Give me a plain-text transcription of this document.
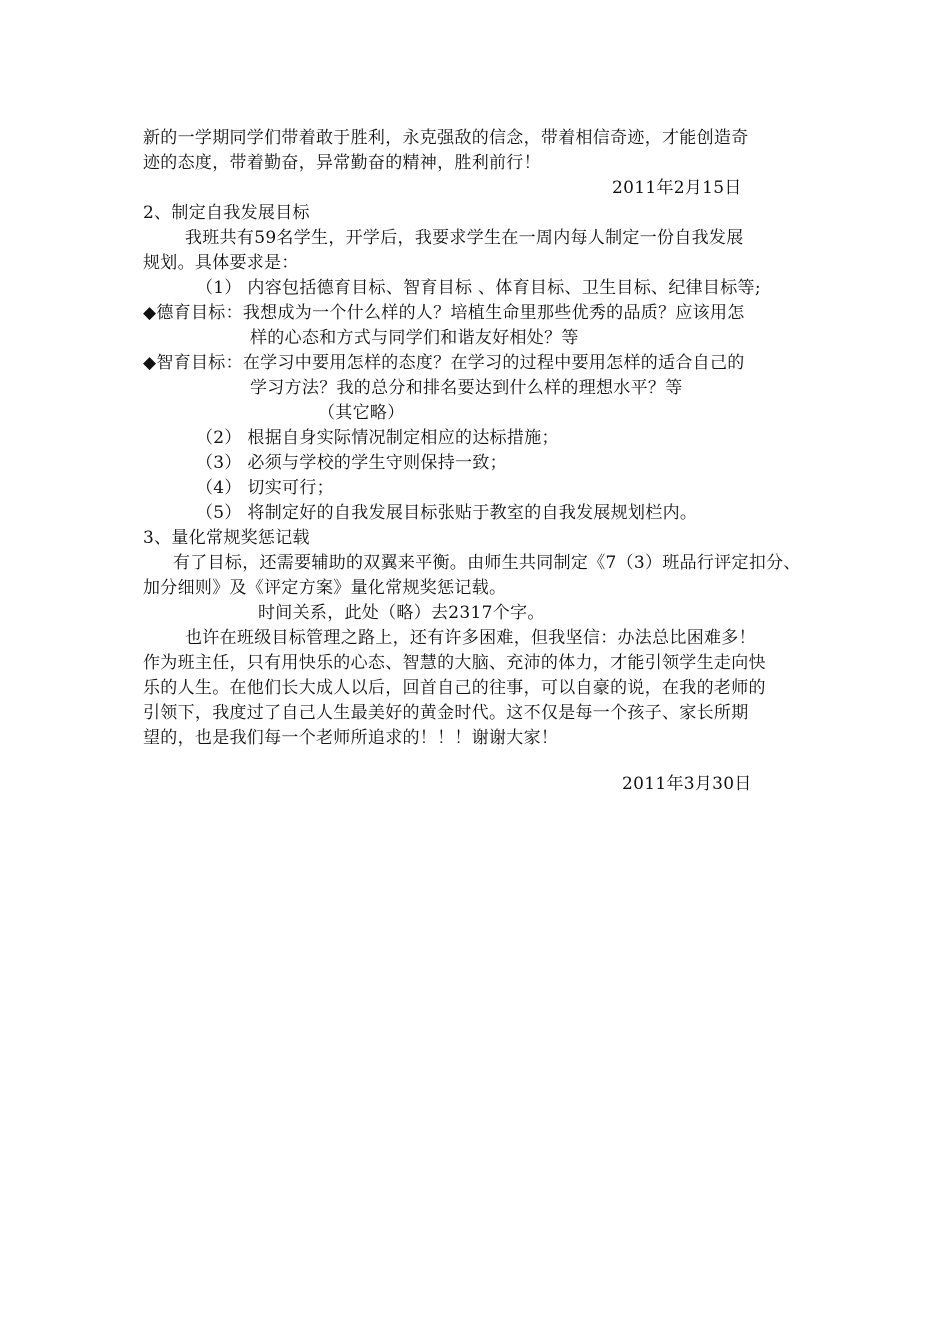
新的一学期同学们带着敢于胜利，永克强敌的信念，带着相信奇迹，才能创造奇
迹的态度，带着勤奋，异常勤奋的精神，胜利前行！
2011年2月15日
2、制定自我发展目标
我班共有59名学生，开学后，我要求学生在一周内每人制定一份自我发展
规划。具体要求是：
（1） 内容包括德育目标、智育目标 、体育目标、卫生目标、纪律目标等;
◆德育目标：我想成为一个什么样的人？培植生命里那些优秀的品质？应该用怎
样的心态和方式与同学们和谐友好相处？等
◆智育目标：在学习中要用怎样的态度？在学习的过程中要用怎样的适合自己的
学习方法？我的总分和排名要达到什么样的理想水平？等
（其它略）
（2） 根据自身实际情况制定相应的达标措施；
（3） 必须与学校的学生守则保持一致；
（4） 切实可行；
（5） 将制定好的自我发展目标张贴于教室的自我发展规划栏内。
3、量化常规奖惩记载
有了目标，还需要辅助的双翼来平衡。由师生共同制定《7（3）班品行评定扣分、
加分细则》及《评定方案》量化常规奖惩记载。
时间关系，此处（略）去2317个字。
也许在班级目标管理之路上，还有许多困难，但我坚信：办法总比困难多！
作为班主任，只有用快乐的心态、智慧的大脑、充沛的体力，才能引领学生走向快
乐的人生。在他们长大成人以后，回首自己的往事，可以自豪的说，在我的老师的
引领下，我度过了自己人生最美好的黄金时代。这不仅是每一个孩子、家长所期
望的，也是我们每一个老师所追求的！！！谢谢大家！
2011年3月30日
